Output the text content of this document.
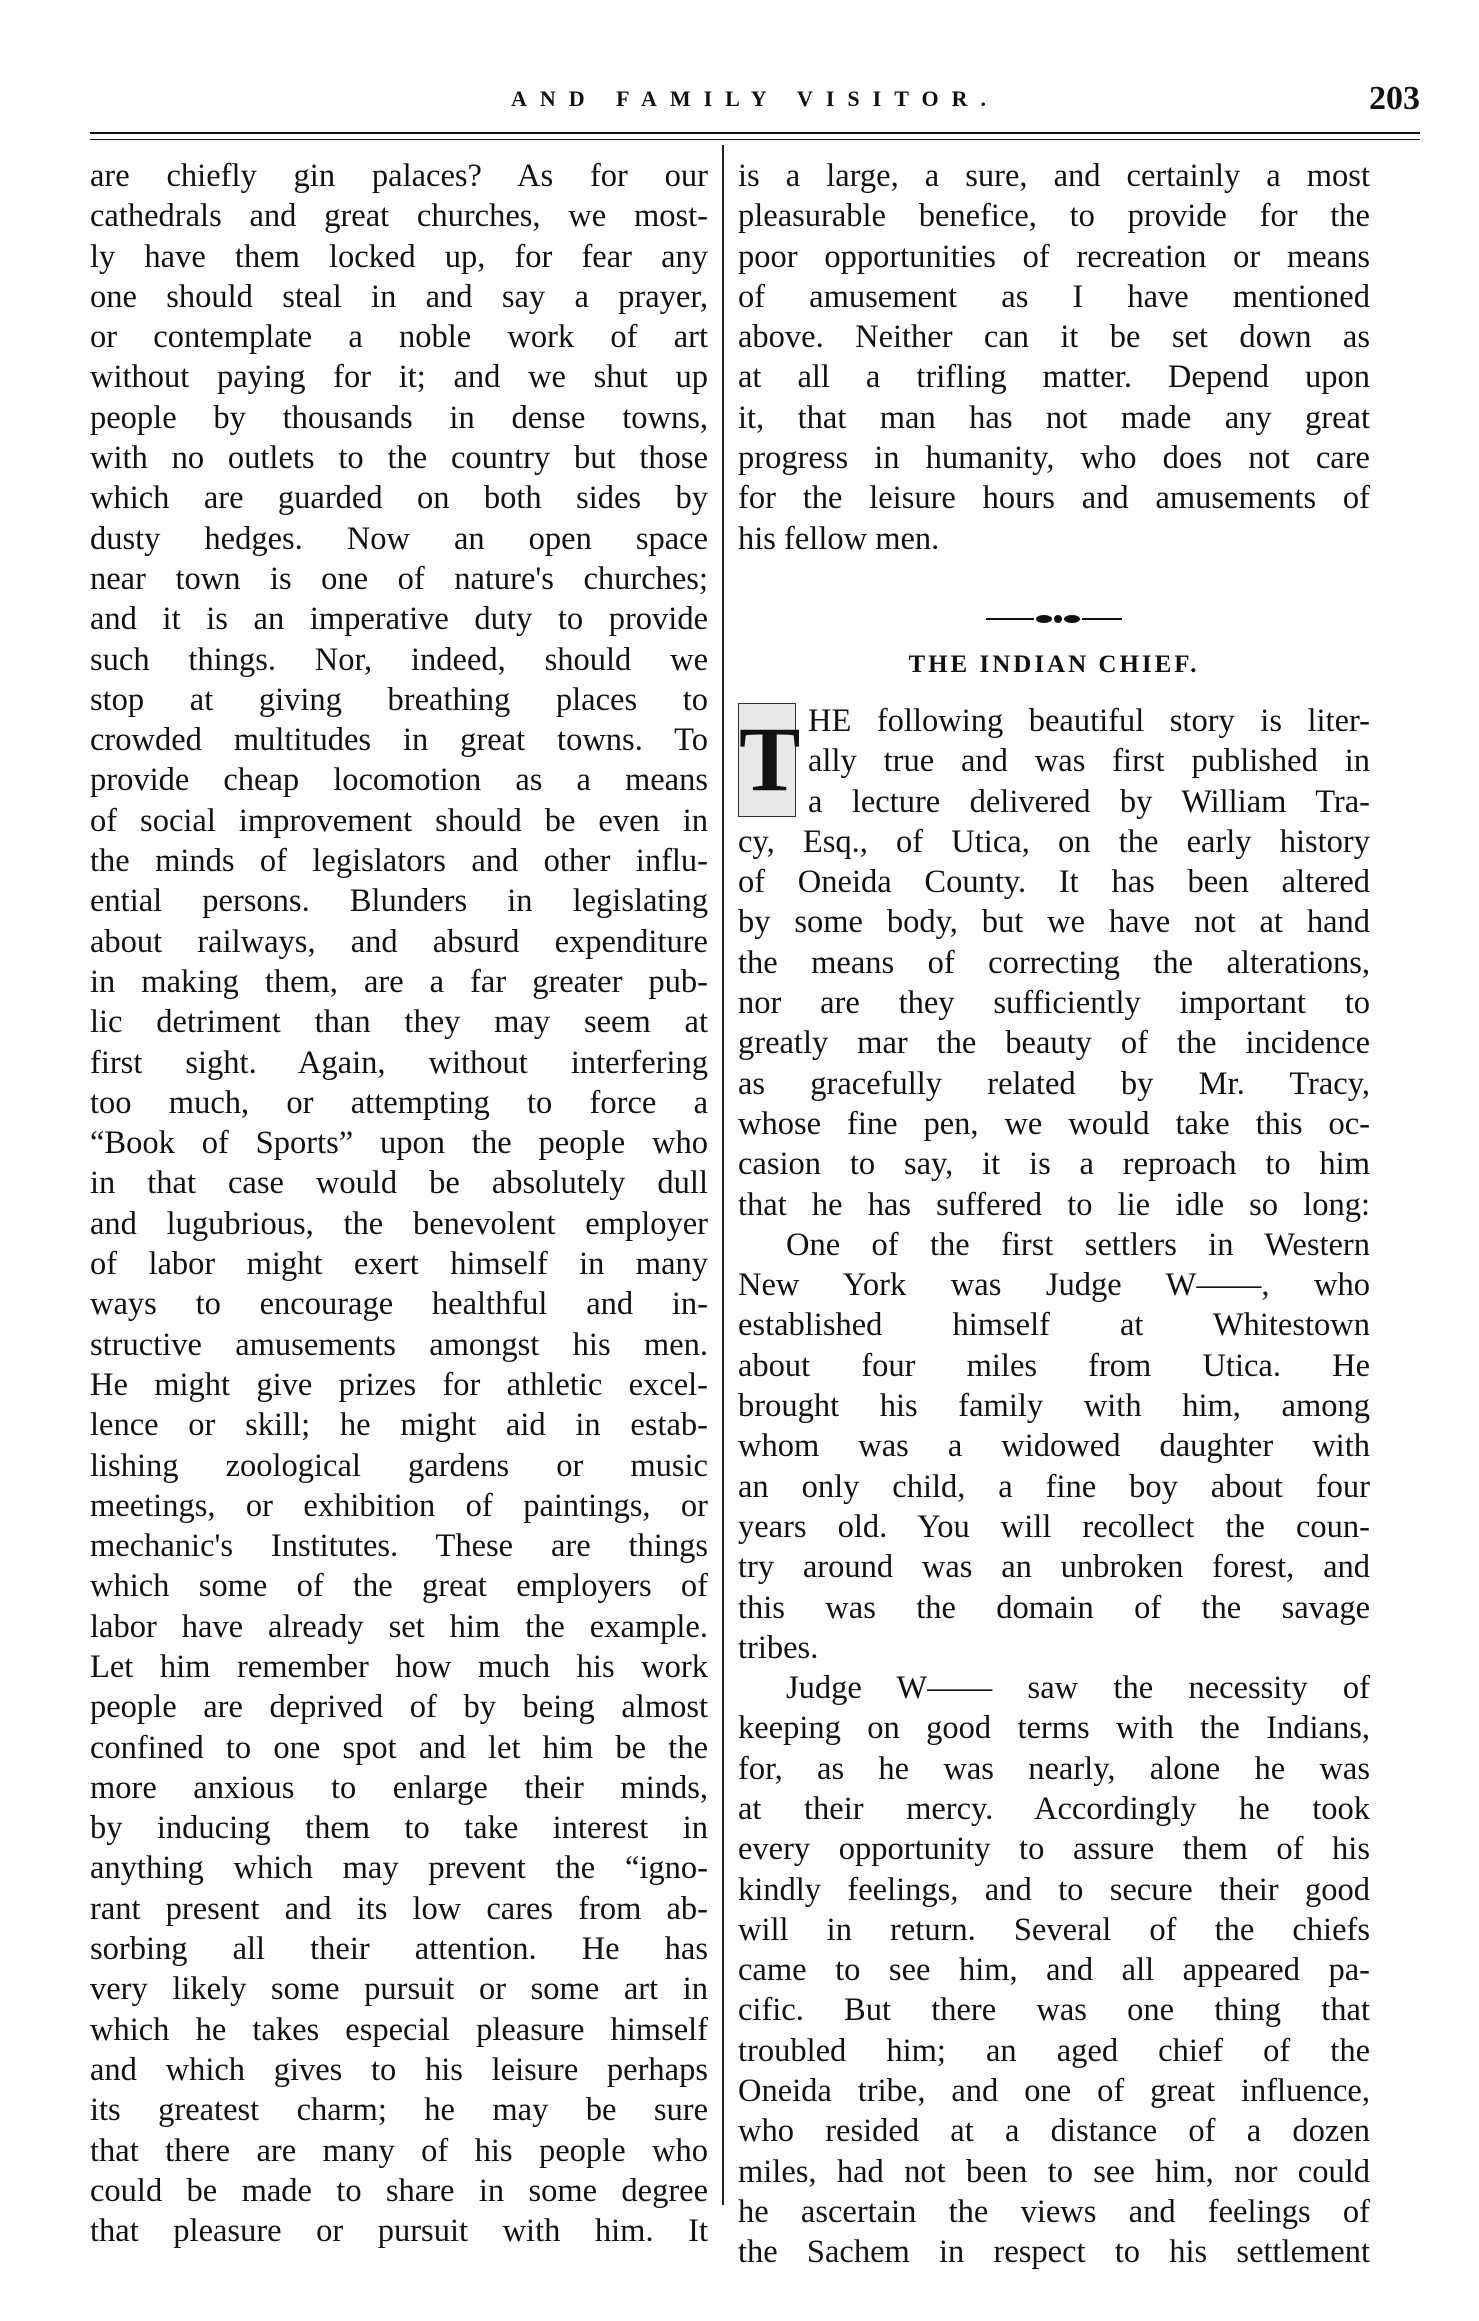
AND FAMILY VISITOR.	203
are chiefly gin palaces? As for our
cathedrals and great churches, we most-
ly have them locked up, for fear any
one should steal in and say a prayer,
or contemplate a noble work of art
without paying for it; and we shut up
people by thousands in dense towns,
with no outlets to the country but those
which are guarded on both sides by
dusty hedges. Now an open space
near town is one of nature's churches;
and it is an imperative duty to provide
such things. Nor, indeed, should we
stop at giving breathing places to
crowded multitudes in great towns. To
provide cheap locomotion as a means
of social improvement should be even in
the minds of legislators and other influ-
ential persons. Blunders in legislating
about railways, and absurd expenditure
in making them, are a far greater pub-
lic detriment than they may seem at
first sight. Again, without interfering
too much, or attempting to force a
“Book of Sports” upon the people who
in that case would be absolutely dull
and lugubrious, the benevolent employer
of labor might exert himself in many
ways to encourage healthful and in-
structive amusements amongst his men.
He might give prizes for athletic excel-
lence or skill; he might aid in estab-
lishing zoological gardens or music
meetings, or exhibition of paintings, or
mechanic's Institutes. These are things
which some of the great employers of
labor have already set him the example.
Let him remember how much his work
people are deprived of by being almost
confined to one spot and let him be the
more anxious to enlarge their minds,
by inducing them to take interest in
anything which may prevent the “igno-
rant present and its low cares from ab-
sorbing all their attention. He has
very likely some pursuit or some art in
which he takes especial pleasure himself
and which gives to his leisure perhaps
its greatest charm; he may be sure
that there are many of his people who
could be made to share in some degree
that pleasure or pursuit with him. It
is a large, a sure, and certainly a most
pleasurable benefice, to provide for the
poor opportunities of recreation or means
of amusement as I have mentioned
above. Neither can it be set down as
at all a trifling matter. Depend upon
it, that man has not made any great
progress in humanity, who does not care
for the leisure hours and amusements of
his fellow men.
THE INDIAN CHIEF.
T HE following beautiful story is liter-
ally true and was first published in
a lecture delivered by William Tra-
cy, Esq., of Utica, on the early history
of Oneida County. It has been altered
by some body, but we have not at hand
the means of correcting the alterations,
nor are they sufficiently important to
greatly mar the beauty of the incidence
as gracefully related by Mr. Tracy,
whose fine pen, we would take this oc-
casion to say, it is a reproach to him
that he has suffered to lie idle so long:
One of the first settlers in Western
New York was Judge W——, who
established himself at Whitestown
about four miles from Utica. He
brought his family with him, among
whom was a widowed daughter with
an only child, a fine boy about four
years old. You will recollect the coun-
try around was an unbroken forest, and
this was the domain of the savage
tribes.
Judge W—— saw the necessity of
keeping on good terms with the Indians,
for, as he was nearly, alone he was
at their mercy. Accordingly he took
every opportunity to assure them of his
kindly feelings, and to secure their good
will in return. Several of the chiefs
came to see him, and all appeared pa-
cific. But there was one thing that
troubled him; an aged chief of the
Oneida tribe, and one of great influence,
who resided at a distance of a dozen
miles, had not been to see him, nor could
he ascertain the views and feelings of
the Sachem in respect to his settlement
